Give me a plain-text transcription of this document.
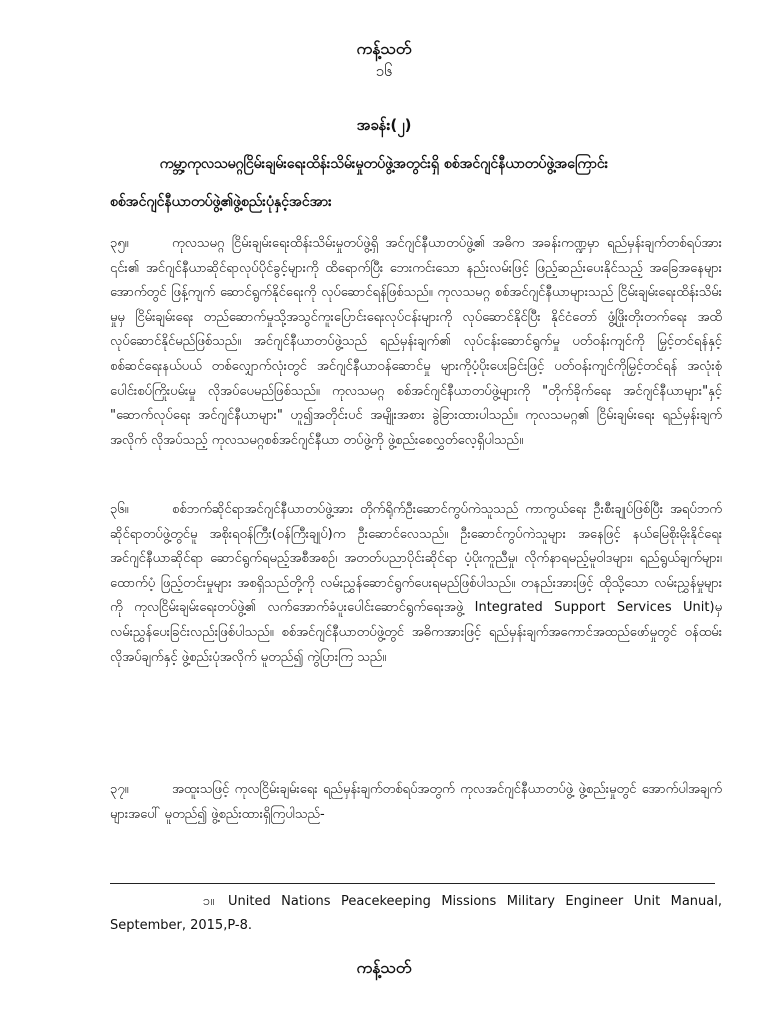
ကန့်သတ်
၁၆
အခန်း(၂)
ကမ္ဘာ့ကုလသမဂ္ဂငြိမ်းချမ်းရေးထိန်းသိမ်းမှုတပ်ဖွဲ့အတွင်းရှိ စစ်အင်ဂျင်နီယာတပ်ဖွဲ့အကြောင်း
စစ်အင်ဂျင်နီယာတပ်ဖွဲ့၏ဖွဲ့စည်းပုံနှင့်အင်အား
၃၅။	ကုလသမဂ္ဂ ငြိမ်းချမ်းရေးထိန်းသိမ်းမှုတပ်ဖွဲ့ရှိ အင်ဂျင်နီယာတပ်ဖွဲ့၏ အဓိက အခန်းကဏ္ဍမှာ ရည်မှန်းချက်တစ်ရပ်အား ၎င်း၏ အင်ဂျင်နီယာဆိုင်ရာလုပ်ပိုင်ခွင့်များကို ထိရောက်ပြီး ဘေးကင်းသော နည်းလမ်းဖြင့် ဖြည့်ဆည်းပေးနိုင်သည့် အခြေအနေများအောက်တွင် ဖြန့်ကျက် ဆောင်ရွက်နိုင်ရေးကို လုပ်ဆောင်ရန်ဖြစ်သည်။ ကုလသမဂ္ဂ စစ်အင်ဂျင်နီယာများသည် ငြိမ်းချမ်းရေးထိန်းသိမ်းမှုမှ ငြိမ်းချမ်းရေး တည်ဆောက်မှုသို့အသွင်ကူးပြောင်းရေးလုပ်ငန်းများကို လုပ်ဆောင်နိုင်ပြီး နိုင်ငံတော် ဖွံ့ဖြိုးတိုးတက်ရေး အထိ လုပ်ဆောင်နိုင်မည်ဖြစ်သည်။ အင်ဂျင်နီယာတပ်ဖွဲ့သည် ရည်မှန်းချက်၏ လုပ်ငန်းဆောင်ရွက်မှု ပတ်ဝန်းကျင်ကို မြှင့်တင်ရန်နှင့် စစ်ဆင်ရေးနယ်ပယ် တစ်လျှောက်လုံးတွင် အင်ဂျင်နီယာဝန်ဆောင်မှု များကိုပံ့ပိုးပေးခြင်းဖြင့် ပတ်ဝန်းကျင်ကိုမြှင့်တင်ရန် အလုံးစုံပေါင်းစပ်ကြိုးပမ်းမှု လိုအပ်ပေမည်ဖြစ်သည်။ ကုလသမဂ္ဂ စစ်အင်ဂျင်နီယာတပ်ဖွဲ့များကို "တိုက်ခိုက်ရေး အင်ဂျင်နီယာများ"နှင့် "ဆောက်လုပ်ရေး အင်ဂျင်နီယာများ" ဟူ၍အတိုင်းပင် အမျိုးအစား ခွဲခြားထားပါသည်။ ကုလသမဂ္ဂ၏ ငြိမ်းချမ်းရေး ရည်မှန်းချက်အလိုက် လိုအပ်သည့် ကုလသမဂ္ဂစစ်အင်ဂျင်နီယာ တပ်ဖွဲ့ကို ဖွဲ့စည်းစေလွှတ်လေ့ရှိပါသည်။
၃၆။	စစ်ဘက်ဆိုင်ရာအင်ဂျင်နီယာတပ်ဖွဲ့အား တိုက်ရိုက်ဦးဆောင်ကွပ်ကဲသူသည် ကာကွယ်ရေး ဦးစီးချုပ်ဖြစ်ပြီး အရပ်ဘက်ဆိုင်ရာတပ်ဖွဲ့တွင်မူ အစိုးရဝန်ကြီး(ဝန်ကြီးချုပ်)က ဦးဆောင်လေသည်။ ဦးဆောင်ကွပ်ကဲသူများ အနေဖြင့် နယ်မြေစိုးမိုးနိုင်ရေးအင်ဂျင်နီယာဆိုင်ရာ ဆောင်ရွက်ရမည့်အစီအစဉ်၊ အတတ်ပညာပိုင်းဆိုင်ရာ ပံ့ပိုးကူညီမှု၊ လိုက်နာရမည့်မူဝါဒများ၊ ရည်ရွယ်ချက်များ၊ ထောက်ပံ့ ဖြည့်တင်းမှုများ အစရှိသည်တို့ကို လမ်းညွှန်ဆောင်ရွက်ပေးရမည်ဖြစ်ပါသည်။ တနည်းအားဖြင့် ထိုသို့သော လမ်းညွှန်မှုများ ကို ကုလငြိမ်းချမ်းရေးတပ်ဖွဲ့၏ လက်အောက်ခံပူးပေါင်းဆောင်ရွက်ရေးအဖွဲ့ Integrated Support Services Unit)မှ လမ်းညွှန်ပေးခြင်းလည်းဖြစ်ပါသည်။ စစ်အင်ဂျင်နီယာတပ်ဖွဲ့တွင် အဓိကအားဖြင့် ရည်မှန်းချက်အကောင်အထည်ဖော်မှုတွင် ဝန်ထမ်းလိုအပ်ချက်နှင့် ဖွဲ့စည်းပုံအလိုက် မူတည်၍ ကွဲပြားကြ သည်။
၃၇။	အထူးသဖြင့် ကုလငြိမ်းချမ်းရေး ရည်မှန်းချက်တစ်ရပ်အတွက် ကုလအင်ဂျင်နီယာတပ်ဖွဲ့ ဖွဲ့စည်းမှုတွင် အောက်ပါအချက်များအပေါ် မူတည်၍ ဖွဲ့စည်းထားရှိကြပါသည်-
၁။ United Nations Peacekeeping Missions Military Engineer Unit Manual, September, 2015,P-8.
ကန့်သတ်
